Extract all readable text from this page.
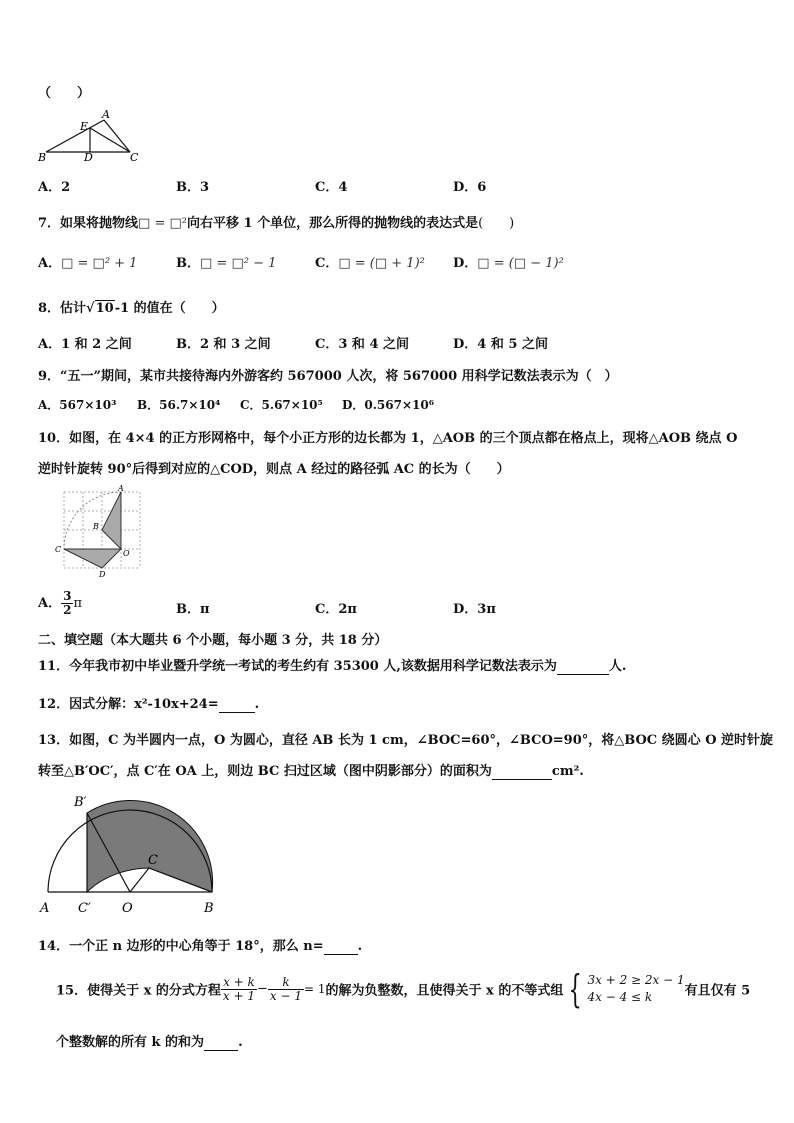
（　　）
A
E
B	D	C
A．2	B．3	C．4	D．6
7．如果将抛物线□ = □²向右平移 1 个单位，那么所得的抛物线的表达式是(　　)
A．□ = □² + 1	B．□ = □² − 1	C．□ = (□ + 1)² D．□ = (□ − 1)²
8．估计√10-1 的值在（　　）
A．1 和 2 之间	B．2 和 3 之间	C．3 和 4 之间	D．4 和 5 之间
9．“五一”期间，某市共接待海内外游客约 567000 人次，将 567000 用科学记数法表示为（　）
A．567×10³ B．56.7×10⁴ C．5.67×10⁵ D．0.567×10⁶
10．如图，在 4×4 的正方形网格中，每个小正方形的边长都为 1，△AOB 的三个顶点都在格点上，现将△AOB 绕点 O
逆时针旋转 90°后得到对应的△COD，则点 A 经过的路径弧 AC 的长为（　　）
A
B
C	O
D
A． $\frac{3}{2}$ π	B．π	C．2π	D．3π
二、填空题（本大题共 6 个小题，每小题 3 分，共 18 分）
11．今年我市初中毕业暨升学统一考试的考生约有 35300 人,该数据用科学记数法表示为	人.
12．因式分解：x²-10x+24=	.
13．如图，C 为半圆内一点，O 为圆心，直径 AB 长为 1 cm，∠BOC=60°，∠BCO=90°，将△BOC 绕圆心 O 逆时针旋
转至△B′OC′，点 C′在 OA 上，则边 BC 扫过区域（图中阴影部分）的面积为	cm².
B′
C
A C′ O	B
14．一个正 n 边形的中心角等于 18°，那么 n=	.
15．使得关于 x 的分式方程 $\frac{x + k}{x + 1} - \frac{k}{x - 1} = 1$的解为负整数，且使得关于 x 的不等式组 { 3x + 2 ≥ 2x − 1
4x − 4 ≤ k	有且仅有 5
个整数解的所有 k 的和为	.
